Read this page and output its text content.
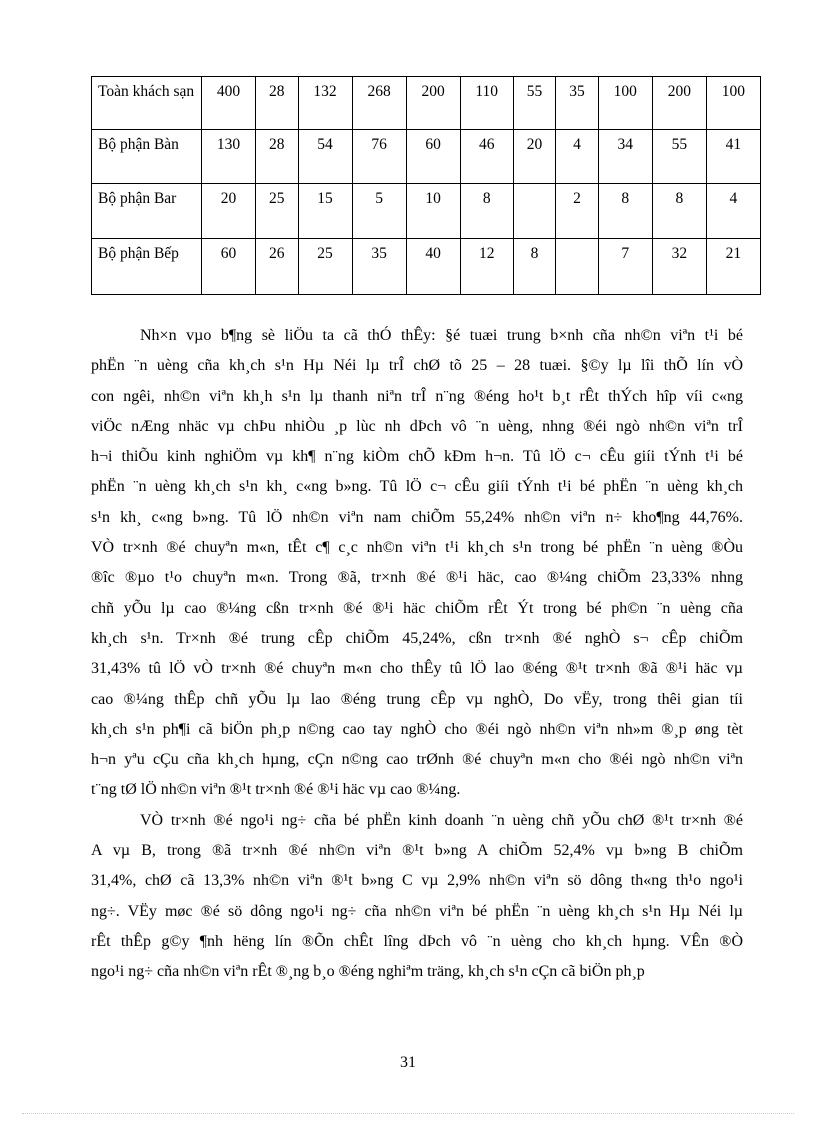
Toàn khách sạn	400	28	132	268	200	110	55	35	100	200	100
Bộ phận Bàn	130	28	54	76	60	46	20	4	34	55	41
Bộ phận Bar	20	25	15	5	10	8		2	8	8	4
Bộ phận Bếp	60	26	25	35	40	12	8		7	32	21
Nh×n vµo b¶ng sè liÖu ta cã thÓ thÊy: §é tuæi trung b×nh cña nh©n viªn t¹i bé
phËn ¨n uèng cña kh¸ch s¹n Hµ Néi lµ trÎ chØ tõ 25 – 28 tuæi. §©y lµ lîi thÕ lín vÒ
con ngêi, nh©n viªn kh¸h s¹n lµ thanh niªn trÎ n¨ng ®éng ho¹t b¸t rÊt thÝch hîp víi c«ng
viÖc nÆng nhäc vµ chÞu nhiÒu ¸p lùc nh dÞch vô ¨n uèng, nhng ®éi ngò nh©n viªn trÎ
h¬i thiÕu kinh nghiÖm vµ kh¶ n¨ng kiÒm chÕ kÐm h¬n. Tû lÖ c¬ cÊu giíi tÝnh t¹i bé
phËn ¨n uèng kh¸ch s¹n kh¸ c«ng b»ng. Tû lÖ c¬ cÊu giíi tÝnh t¹i bé phËn ¨n uèng kh¸ch
s¹n kh¸ c«ng b»ng. Tû lÖ nh©n viªn nam chiÕm 55,24% nh©n viªn n÷ kho¶ng 44,76%.
VÒ tr×nh ®é chuyªn m«n, tÊt c¶ c¸c nh©n viªn t¹i kh¸ch s¹n trong bé phËn ¨n uèng ®Òu
®îc ®µo t¹o chuyªn m«n. Trong ®ã, tr×nh ®é ®¹i häc, cao ®¼ng chiÕm 23,33% nhng
chñ yÕu lµ cao ®¼ng cßn tr×nh ®é ®¹i häc chiÕm rÊt Ýt trong bé ph©n ¨n uèng cña
kh¸ch s¹n. Tr×nh ®é trung cÊp chiÕm 45,24%, cßn tr×nh ®é nghÒ s¬ cÊp chiÕm
31,43% tû lÖ vÒ tr×nh ®é chuyªn m«n cho thÊy tû lÖ lao ®éng ®¹t tr×nh ®ã ®¹i häc vµ
cao ®¼ng thÊp chñ yÕu lµ lao ®éng trung cÊp vµ nghÒ, Do vËy, trong thêi gian tíi
kh¸ch s¹n ph¶i cã biÖn ph¸p n©ng cao tay nghÒ cho ®éi ngò nh©n viªn nh»m ®¸p øng tèt
h¬n yªu cÇu cña kh¸ch hµng, cÇn n©ng cao trØnh ®é chuyªn m«n cho ®éi ngò nh©n viªn
t¨ng tØ lÖ nh©n viªn ®¹t tr×nh ®é ®¹i häc vµ cao ®¼ng.
VÒ tr×nh ®é ngo¹i ng÷ cña bé phËn kinh doanh ¨n uèng chñ yÕu chØ ®¹t tr×nh ®é
A vµ B, trong ®ã tr×nh ®é nh©n viªn ®¹t b»ng A chiÕm 52,4% vµ b»ng B chiÕm
31,4%, chØ cã 13,3% nh©n viªn ®¹t b»ng C vµ 2,9% nh©n viªn sö dông th«ng th¹o ngo¹i
ng÷. VËy møc ®é sö dông ngo¹i ng÷ cña nh©n viªn bé phËn ¨n uèng kh¸ch s¹n Hµ Néi lµ
rÊt thÊp g©y ¶nh hëng lín ®Õn chÊt lîng dÞch vô ¨n uèng cho kh¸ch hµng. VÊn ®Ò
ngo¹i ng÷ cña nh©n viªn rÊt ®¸ng b¸o ®éng nghiªm träng, kh¸ch s¹n cÇn cã biÖn ph¸p
31
